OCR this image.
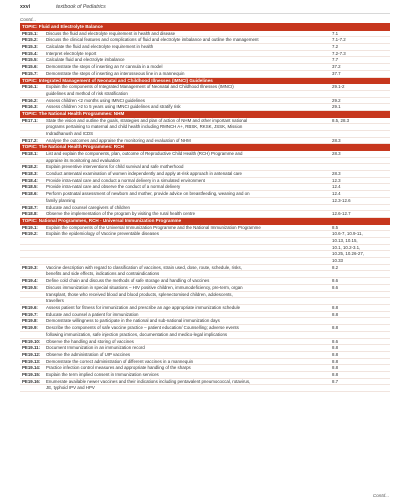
xxvi	textbook of Pediatrics
Contd...
TOPIC: Fluid and Electrolyte Balance
PE15.1:	Discuss the fluid and electrolyte requirement in health and disease	7.1
PE15.2:	Discuss the clinical features and complications of fluid and electrolyte imbalance and outline the management	7.1-7.2
PE15.3:	Calculate the fluid and electrolyte requirement in health	7.2
PE15.4:	Interpret electrolyte report	7.2-7.3
PE15.5:	Calculate fluid and electrolyte imbalance	7.7
PE15.6:	Demonstrate the steps of inserting an IV cannula in a model	37.2
PE15.7:	Demonstrate the steps of inserting an interosseous line in a mannequin	37.7
TOPIC: Integrated Management of Neonatal and Childhood Illnesses (IMNCI) Guidelines
PE16.1:	Explain the components of Integrated Management of Neonatal and Childhood Illnesses (IMNCI)	29.1-2
guidelines and method of risk stratification
PE16.2:	Assess children <2 months using IMNCI guidelines	29.2
PE16.3:	Assess children >2 to 5 years using IMNCI guidelines and stratify risk	29.1
TOPIC: The National Health Programmes: NHM
PE17.1:	State the vision and outline the goals, strategies and plan of action of NHM and other important national	8.5, 28.3
programs pertaining to maternal and child health including RMNCH A+, RBSK, RKSK, JSSK, Mission
Indradhanush and ICDS
PE17.2:	Analyse the outcomes and appraise the monitoring and evaluation of NHM	28.3
TOPIC: The National Health Programmes: RCH
PE18.1:	List and explain the components, plan, outcome of Reproductive Child Health (RCH) Programme and	28.3
appraise its monitoring and evaluation
PE18.2:	Explain preventive interventions for child survival and safe motherhood
PE18.3:	Conduct antenatal examination of women independently and apply at-risk approach in antenatal care	28.3
PE18.4:	Provide intra-natal care and conduct a normal delivery in a simulated environment	12.3
PE18.5:	Provide intra-natal care and observe the conduct of a normal delivery	12.4
PE18.6:	Perform postnatal assessment of newborn and mother, provide advice on breastfeeding, weaning and on	12.4
family planning	12.3-12.6
PE18.7:	Educate and counsel caregivers of children
PE18.8:	Observe the implementation of the program by visiting the rural health centre	12.6-12.7
TOPIC: National Programmes, RCH - Universal Immunization Programme
PE19.1:	Explain the components of the Universal Immunization Programme and the National Immunization Programme	8.5
PE19.2:	Explain the epidemiology of Vaccine preventable diseases	10.6-7, 10.9-11,
10.13, 10.15,
10.1, 10.2-3.1,
10.25, 10.26-27,
10.33
PE19.3:	Vaccine description with regard to classification of vaccines, strain used, dose, route, schedule, risks,	8.2
benefits and side effects, indications and contraindications
PE19.4:	Define cold chain and discuss the methods of safe storage and handling of vaccines	8.6
PE19.5:	Discuss immunization in special situations – HIV positive children, immunodeficiency, pre-term, organ	8.6
transplant, those who received blood and blood products, splenectomised children, adolescents,
travellers
PE19.6:	Assess patient for fitness for immunization and prescribe an age appropriate immunization schedule	8.8
PE19.7:	Educate and counsel a patient for immunization	8.8
PE19.8:	Demonstrate willingness to participate in the national and sub-national immunization days
PE19.9:	Describe the components of safe vaccine practice – patient education/ Counselling; adverse events	8.8
following immunization, safe injection practices, documentation and medico-legal implications
PE19.10:	Observe the handling and storing of vaccines	8.6
PE19.11:	Document Immunization in an immunization record	8.8
PE19.12:	Observe the administration of UIP vaccines	8.8
PE19.13:	Demonstrate the correct administration of different vaccines in a mannequin	8.8
PE19.14:	Practice infection control measures and appropriate handling of the sharps	8.8
PE19.15:	Explain the term implied consent in Immunization services	8.8
PE19.16:	Enumerate available newer vaccines and their indications including pentavalent pneumococcal, rotavirus,	8.7
JE, typhoid IPV and HPV
Contd...
